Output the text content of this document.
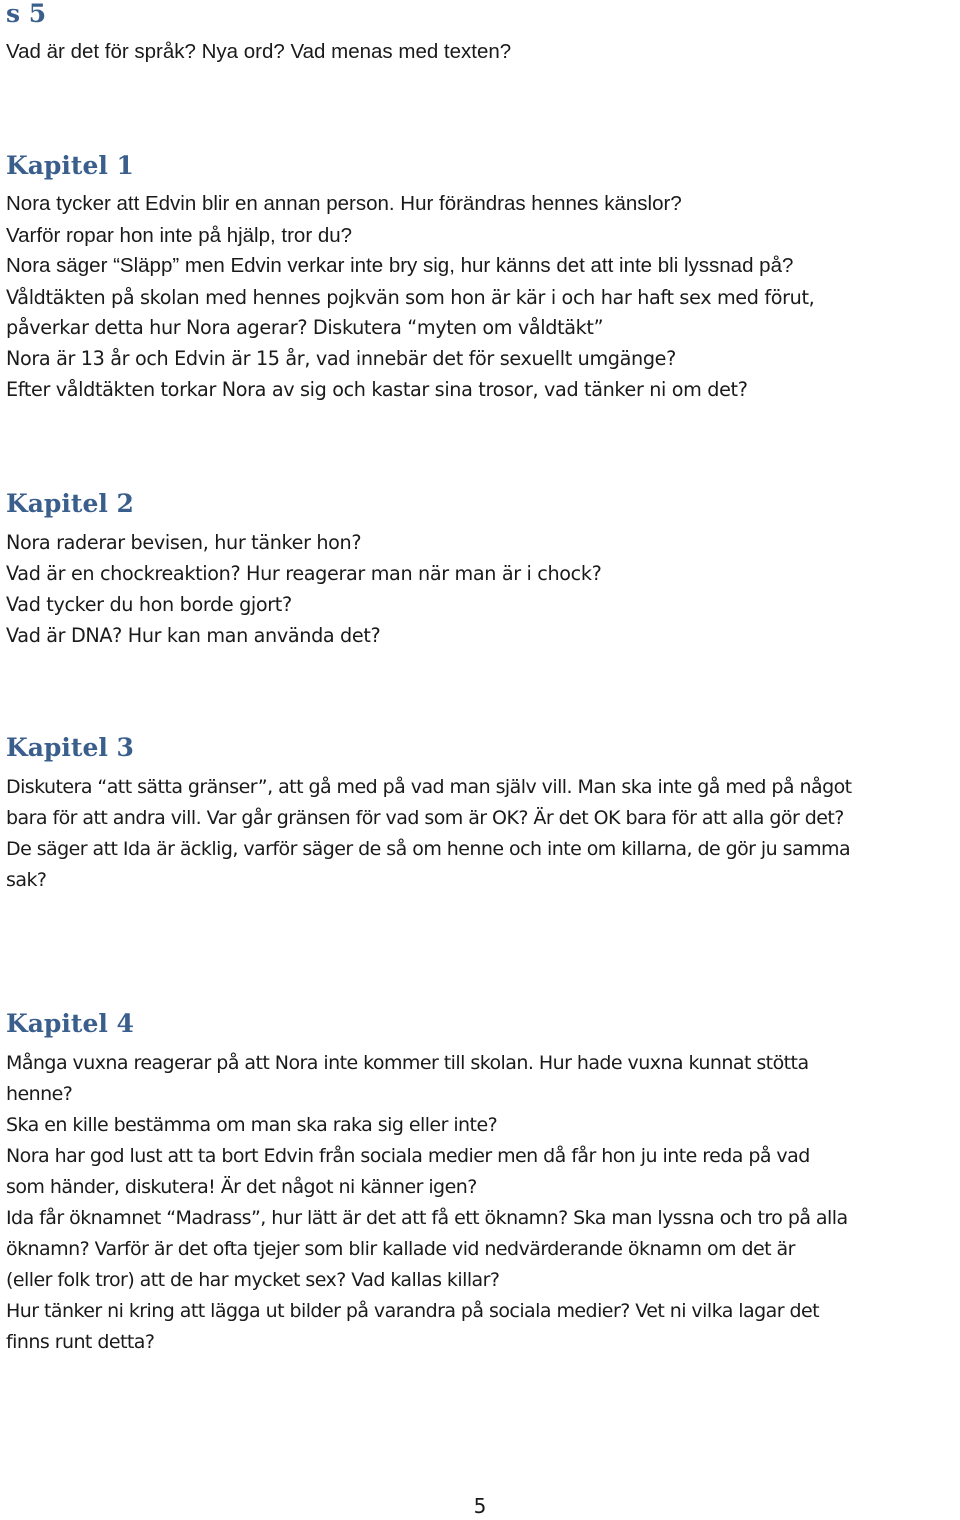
s 5

Vad är det för språk? Nya ord? Vad menas med texten?

Kapitel 1

Nora tycker att Edvin blir en annan person. Hur förändras hennes känslor?

Varför ropar hon inte på hjälp, tror du?

Nora säger “Släpp” men Edvin verkar inte bry sig, hur känns det att inte bli lyssnad på?

Våldtäkten på skolan med hennes pojkvän som hon är kär i och har haft sex med förut,

påverkar detta hur Nora agerar? Diskutera “myten om våldtäkt”

Nora är 13 år och Edvin är 15 år, vad innebär det för sexuellt umgänge?

Efter våldtäkten torkar Nora av sig och kastar sina trosor, vad tänker ni om det?

Kapitel 2

Nora raderar bevisen, hur tänker hon?

Vad är en chockreaktion? Hur reagerar man när man är i chock?

Vad tycker du hon borde gjort?

Vad är DNA? Hur kan man använda det?

Kapitel 3

Diskutera “att sätta gränser”, att gå med på vad man själv vill. Man ska inte gå med på något

bara för att andra vill. Var går gränsen för vad som är OK? Är det OK bara för att alla gör det?

De säger att Ida är äcklig, varför säger de så om henne och inte om killarna, de gör ju samma

sak?

Kapitel 4

Många vuxna reagerar på att Nora inte kommer till skolan. Hur hade vuxna kunnat stötta

henne?

Ska en kille bestämma om man ska raka sig eller inte?

Nora har god lust att ta bort Edvin från sociala medier men då får hon ju inte reda på vad

som händer, diskutera! Är det något ni känner igen?

Ida får öknamnet “Madrass”, hur lätt är det att få ett öknamn? Ska man lyssna och tro på alla

öknamn? Varför är det ofta tjejer som blir kallade vid nedvärderande öknamn om det är

(eller folk tror) att de har mycket sex? Vad kallas killar?

Hur tänker ni kring att lägga ut bilder på varandra på sociala medier? Vet ni vilka lagar det

finns runt detta?

5
